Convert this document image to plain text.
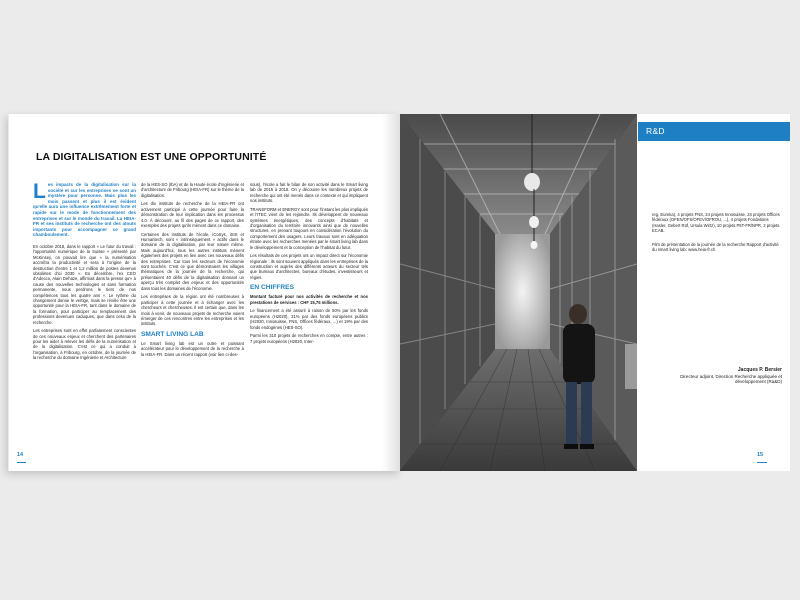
LA DIGITALISATION EST UNE OPPORTUNITÉ
Les impacts de la digitalisation sur la société et sur les entreprises ne sont un mystère pour personne. Mais plus les mois passent et plus il est évident qu'elle aura une influence extrêmement forte et rapide sur le mode de fonctionnement des entreprises et sur le monde du travail. La HEIA-FR et ses instituts de recherche ont des atouts importants pour accompagner ce grand chamboulement.

En octobre 2018, dans le rapport « Le futur du travail : l'opportunité numérique de la Suisse » présenté par McKinsey, on pouvait lire que « la numérisation accroîtra la productivité et sera à l'origine de la destruction d'entre 1 et 1,2 million de postes devenus obsolètes d'ici 2030 ». En décembre, l'ex CEO d'Adecco, Alain Dehaze, affirmait dans la presse qu'« à cause des nouvelles technologies et sans formation permanente, nous perdrons le tiers de nos compétences tous les quatre ans ». Le rythme du changement donne le vertige, mais se révèle être une opportunité pour la HEIA-FR, tant dans le domaine de la formation, pour participer au remplacement des professions devenues caduques, que dans celui de la recherche.

Les entreprises sont en effet parfaitement conscientes de ces nouveaux enjeux et cherchent des partenaires pour les aider à relever les défis de la numérisation et de la digitalisation. C'est ce qui a conduit à l'organisation, à Fribourg, en octobre, de la journée de la recherche du domaine Ingénierie et Architecture

de la HES-SO (IbA) et de la Haute école d'ingénierie et d'architecture de Fribourg (HEIA-FR) sur le thème de la digitalisation.

Les dix instituts de recherche de la HEIA-FR ont activement participé à cette journée pour faire la démonstration de leur implication dans les processus 4.0. À découvrir, au fil des pages de ce rapport, des exemples des projets qu'ils mènent dans ce domaine.

Certaines des instituts de l'école, iCoSys, iSIS et Humantech, sont « intrinsèquement » actifs dans le domaine de la digitalisation, par leur nature même. Mais aujourd'hui, tous les autres instituts mènent également des projets en lien avec ces nouveaux défis des entreprises. Car tous les secteurs de l'économie sont touchés. C'est ce que démontraient les villages thématiques de la journée de la recherche, qui présentaient 40 défis de la digitalisation donnant un aperçu très complet des enjeux et des opportunités dans tous les domaines de l'économie.

Les entreprises de la région ont été nombreuses à participer à cette journée et à échanger avec les chercheurs et chercheuses. Il est certain que, dans les mois à venir, de nouveaux projets de recherche voient émerger de ces rencontres entre les entreprises et les instituts.

SMART LIVING LAB

Le Smart living lab est un outre et puissant accélérateur pour le développement de la recherche à la HEIA-FR. Dans un récent rapport (voir lien ci-des-

sous), l'école a fait le bilan de son activité dans le Smart living lab de 2015 à 2018. On y découvre les nombreux projets de recherche qui ont été menés dans ce contexte et qui impliquent nos instituts.

TRANSFORM et ENERGY sont pour l'instant les plus impliqués et l'ITEC vient de les rejoindre. Ils développent de nouveaux systèmes énergétiques, des concepts d'habitats et d'organisation du territoire innovants ainsi que de nouvelles structures, en prenant toujours en considération l'évolution du comportement des usagers. Leurs travaux sont en adéquation étroite avec les recherches menées par le smart living lab dans le développement et la conception de l'habitat du futur.

Les résultats de ces projets ont un impact direct sur l'économie régionale : ils sont souvent appliqués dans les entreprises de la construction et auprès des différents acteurs du secteur tels que bureaux d'architectes, bureaux d'études, investisseurs et régies.

EN CHIFFRES

Montant facturé pour nos activités de recherche et nos prestations de services : CHF 15,75 millions.

Le financement a été assuré à raison de 50% par les fonds européens (H2020), 31% par des fonds européens publics (H2020, Innosuisse, FNS, Offices fédéraux, ...) et 19% par des fonds endogènes (HES-SO).

Parmi les 310 projets de recherches en compte, entre autres : 7 projets européens (H2020, Inter-

14
R&D

reg, Eureka), 4 projets FNS, 24 projets Innosuisse, 24 projets Offices fédéraux (OFEN/OFS/OFEV/OFROU, ...), 4 projets Fondations (Hasler, Gebert Rüf, Ursula Wirtz), 10 projets P5T-FR/NPR, 2 projets ECAB.

Film de présentation de la journée de la recherche Rapport d'activité du smart living lab: www.heia-fr.ch

Jacques P. Bersier
Directeur adjoint, Direction Recherche appliquée et développement (Ra&D)
15
